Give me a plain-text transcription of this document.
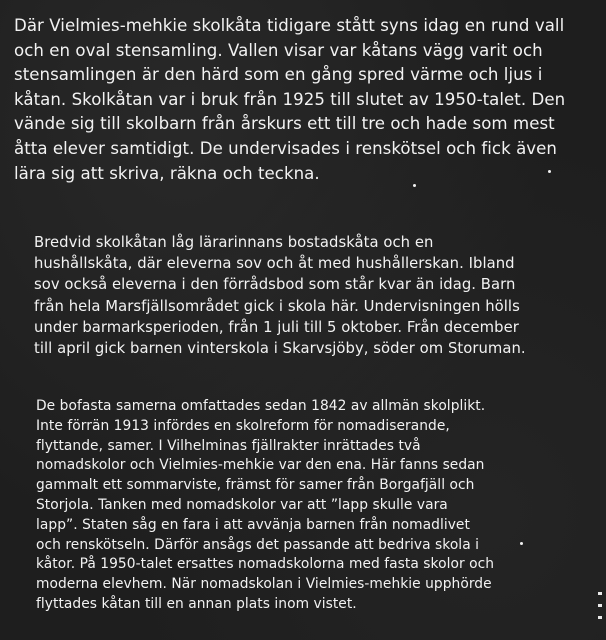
Där Vielmies-mehkie skolkåta tidigare stått syns idag en rund vall
och en oval stensamling. Vallen visar var kåtans vägg varit och
stensamlingen är den härd som en gång spred värme och ljus i
kåtan. Skolkåtan var i bruk från 1925 till slutet av 1950-talet. Den
vände sig till skolbarn från årskurs ett till tre och hade som mest
åtta elever samtidigt. De undervisades i renskötsel och fick även
lära sig att skriva, räkna och teckna.
Bredvid skolkåtan låg lärarinnans bostadskåta och en
hushållskåta, där eleverna sov och åt med hushållerskan. Ibland
sov också eleverna i den förrådsbod som står kvar än idag. Barn
från hela Marsfjällsområdet gick i skola här. Undervisningen hölls
under barmarksperioden, från 1 juli till 5 oktober. Från december
till april gick barnen vinterskola i Skarvsjöby, söder om Storuman.
De bofasta samerna omfattades sedan 1842 av allmän skolplikt.
Inte förrän 1913 infördes en skolreform för nomadiserande,
flyttande, samer. I Vilhelminas fjällrakter inrättades två
nomadskolor och Vielmies-mehkie var den ena. Här fanns sedan
gammalt ett sommarviste, främst för samer från Borgafjäll och
Storjola. Tanken med nomadskolor var att ”lapp skulle vara
lapp”. Staten såg en fara i att avvänja barnen från nomadlivet
och renskötseln. Därför ansågs det passande att bedriva skola i
kåtor. På 1950-talet ersattes nomadskolorna med fasta skolor och
moderna elevhem. När nomadskolan i Vielmies-mehkie upphörde
flyttades kåtan till en annan plats inom vistet.
